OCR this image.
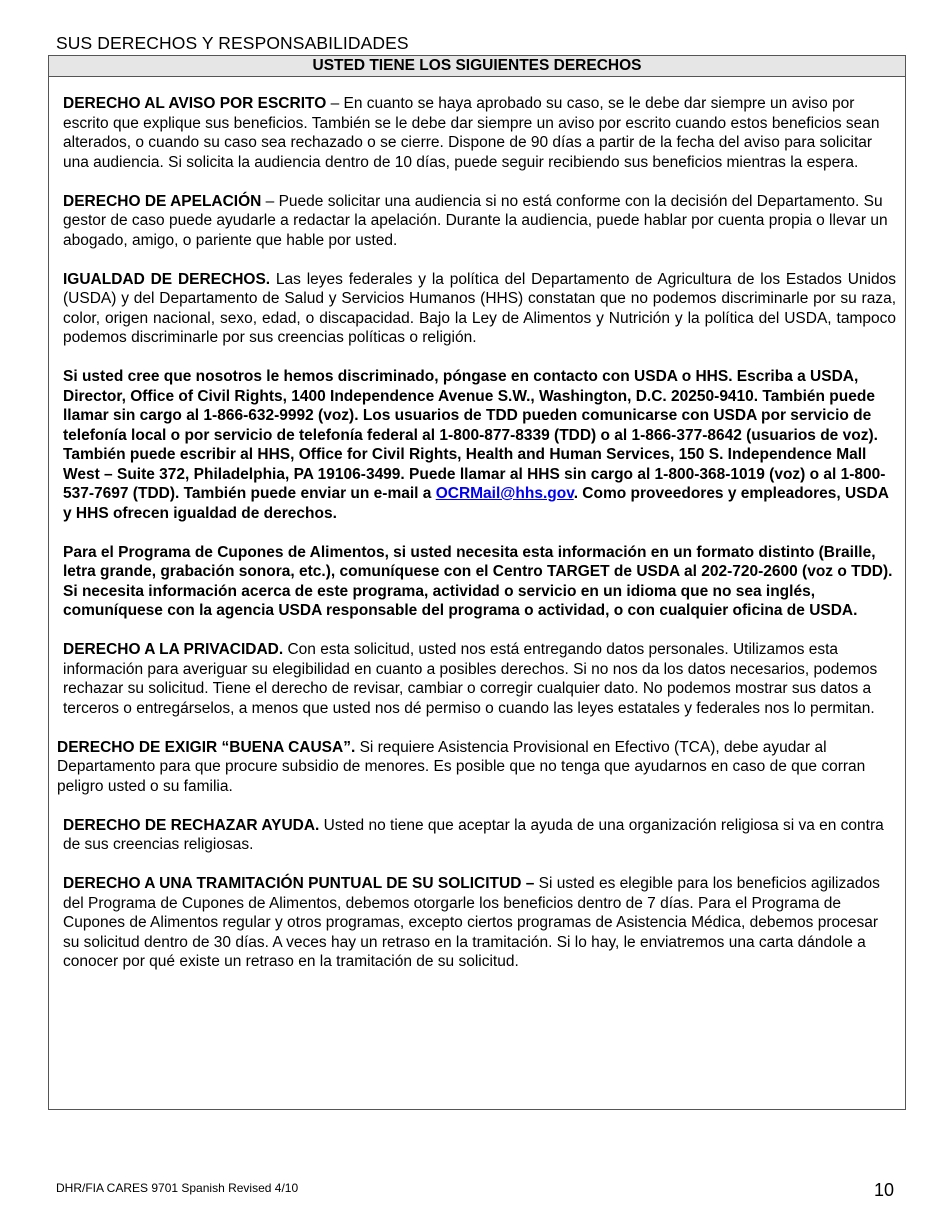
SUS DERECHOS Y RESPONSABILIDADES
USTED TIENE LOS SIGUIENTES DERECHOS

DERECHO AL AVISO POR ESCRITO – En cuanto se haya aprobado su caso, se le debe dar siempre un aviso por escrito que explique sus beneficios. También se le debe dar siempre un aviso por escrito cuando estos beneficios sean alterados, o cuando su caso sea rechazado o se cierre. Dispone de 90 días a partir de la fecha del aviso para solicitar una audiencia. Si solicita la audiencia dentro de 10 días, puede seguir recibiendo sus beneficios mientras la espera.

DERECHO DE APELACIÓN – Puede solicitar una audiencia si no está conforme con la decisión del Departamento. Su gestor de caso puede ayudarle a redactar la apelación. Durante la audiencia, puede hablar por cuenta propia o llevar un abogado, amigo, o pariente que hable por usted.

IGUALDAD DE DERECHOS. Las leyes federales y la política del Departamento de Agricultura de los Estados Unidos (USDA) y del Departamento de Salud y Servicios Humanos (HHS) constatan que no podemos discriminarle por su raza, color, origen nacional, sexo, edad, o discapacidad. Bajo la Ley de Alimentos y Nutrición y la política del USDA, tampoco podemos discriminarle por sus creencias políticas o religión.

Si usted cree que nosotros le hemos discriminado, póngase en contacto con USDA o HHS. Escriba a USDA, Director, Office of Civil Rights, 1400 Independence Avenue S.W., Washington, D.C. 20250-9410. También puede llamar sin cargo al 1-866-632-9992 (voz). Los usuarios de TDD pueden comunicarse con USDA por servicio de telefonía local o por servicio de telefonía federal al 1-800-877-8339 (TDD) o al 1-866-377-8642 (usuarios de voz). También puede escribir al HHS, Office for Civil Rights, Health and Human Services, 150 S. Independence Mall West – Suite 372, Philadelphia, PA 19106-3499. Puede llamar al HHS sin cargo al 1-800-368-1019 (voz) o al 1-800-537-7697 (TDD). También puede enviar un e-mail a OCRMail@hhs.gov. Como proveedores y empleadores, USDA y HHS ofrecen igualdad de derechos.

Para el Programa de Cupones de Alimentos, si usted necesita esta información en un formato distinto (Braille, letra grande, grabación sonora, etc.), comuníquese con el Centro TARGET de USDA al 202-720-2600 (voz o TDD). Si necesita información acerca de este programa, actividad o servicio en un idioma que no sea inglés, comuníquese con la agencia USDA responsable del programa o actividad, o con cualquier oficina de USDA.

DERECHO A LA PRIVACIDAD. Con esta solicitud, usted nos está entregando datos personales. Utilizamos esta información para averiguar su elegibilidad en cuanto a posibles derechos. Si no nos da los datos necesarios, podemos rechazar su solicitud. Tiene el derecho de revisar, cambiar o corregir cualquier dato. No podemos mostrar sus datos a terceros o entregárselos, a menos que usted nos dé permiso o cuando las leyes estatales y federales nos lo permitan.

DERECHO DE EXIGIR “BUENA CAUSA”. Si requiere Asistencia Provisional en Efectivo (TCA), debe ayudar al Departamento para que procure subsidio de menores. Es posible que no tenga que ayudarnos en caso de que corran peligro usted o su familia.

DERECHO DE RECHAZAR AYUDA. Usted no tiene que aceptar la ayuda de una organización religiosa si va en contra de sus creencias religiosas.

DERECHO A UNA TRAMITACIÓN PUNTUAL DE SU SOLICITUD – Si usted es elegible para los beneficios agilizados del Programa de Cupones de Alimentos, debemos otorgarle los beneficios dentro de 7 días. Para el Programa de Cupones de Alimentos regular y otros programas, excepto ciertos programas de Asistencia Médica, debemos procesar su solicitud dentro de 30 días. A veces hay un retraso en la tramitación. Si lo hay, le enviatremos una carta dándole a conocer por qué existe un retraso en la tramitación de su solicitud.

DHR/FIA CARES 9701 Spanish Revised 4/10	10
